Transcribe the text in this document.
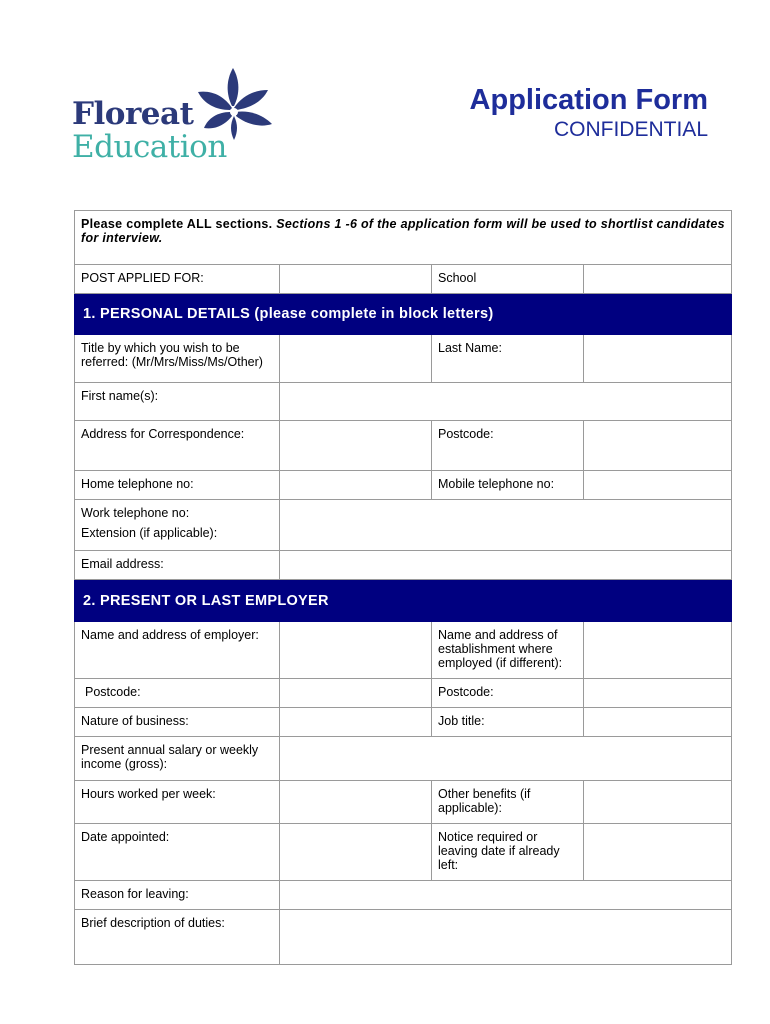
Floreat
Education
Application Form
CONFIDENTIAL
Please complete ALL sections. Sections 1 -6 of the application form will be used to shortlist candidates for interview.			
POST APPLIED FOR:		School	
1. PERSONAL DETAILS (please complete in block letters)			
Title by which you wish to be referred: (Mr/Mrs/Miss/Ms/Other)		Last Name:	
First name(s):			
Address for Correspondence:		Postcode:	
Home telephone no:		Mobile telephone no:	

Work telephone no:
Extension (if applicable):			

Email address:			
2. PRESENT OR LAST EMPLOYER			
Name and address of employer:		Name and address of establishment where employed (if different):	
Postcode:		Postcode:	
Nature of business:		Job title:	
Present annual salary or weekly income (gross):			
Hours worked per week:		Other benefits (if applicable):	
Date appointed:		Notice required or leaving date if already left:	
Reason for leaving:			
Brief description of duties:			
